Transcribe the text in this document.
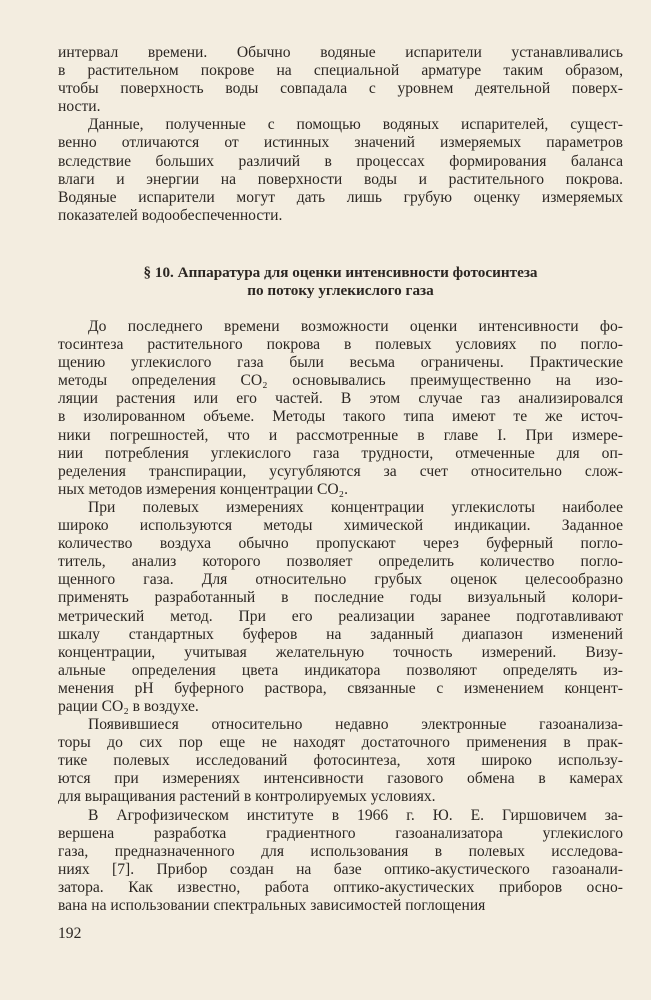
интервал времени. Обычно водяные испарители устанавливались
в растительном покрове на специальной арматуре таким образом,
чтобы поверхность воды совпадала с уровнем деятельной поверх-
ности.
Данные, полученные с помощью водяных испарителей, сущест-
венно отличаются от истинных значений измеряемых параметров
вследствие больших различий в процессах формирования баланса
влаги и энергии на поверхности воды и растительного покрова.
Водяные испарители могут дать лишь грубую оценку измеряемых
показателей водообеспеченности.
§ 10. Аппаратура для оценки интенсивности фотосинтеза
по потоку углекислого газа
До последнего времени возможности оценки интенсивности фо-
тосинтеза растительного покрова в полевых условиях по погло-
щению углекислого газа были весьма ограничены. Практические
методы определения CO₂ основывались преимущественно на изо-
ляции растения или его частей. В этом случае газ анализировался
в изолированном объеме. Методы такого типа имеют те же источ-
ники погрешностей, что и рассмотренные в главе I. При измере-
нии потребления углекислого газа трудности, отмеченные для оп-
ределения транспирации, усугубляются за счет относительно слож-
ных методов измерения концентрации CO₂.
При полевых измерениях концентрации углекислоты наиболее
широко используются методы химической индикации. Заданное
количество воздуха обычно пропускают через буферный погло-
титель, анализ которого позволяет определить количество погло-
щенного газа. Для относительно грубых оценок целесообразно
применять разработанный в последние годы визуальный колори-
метрический метод. При его реализации заранее подготавливают
шкалу стандартных буферов на заданный диапазон изменений
концентрации, учитывая желательную точность измерений. Визу-
альные определения цвета индикатора позволяют определять из-
менения pH буферного раствора, связанные с изменением концент-
рации CO₂ в воздухе.
Появившиеся относительно недавно электронные газоанализа-
торы до сих пор еще не находят достаточного применения в прак-
тике полевых исследований фотосинтеза, хотя широко использу-
ются при измерениях интенсивности газового обмена в камерах
для выращивания растений в контролируемых условиях.
В Агрофизическом институте в 1966 г. Ю. Е. Гиршовичем за-
вершена разработка градиентного газоанализатора углекислого
газа, предназначенного для использования в полевых исследова-
ниях [7]. Прибор создан на базе оптико-акустического газоанали-
затора. Как известно, работа оптико-акустических приборов осно-
вана на использовании спектральных зависимостей поглощения
192
